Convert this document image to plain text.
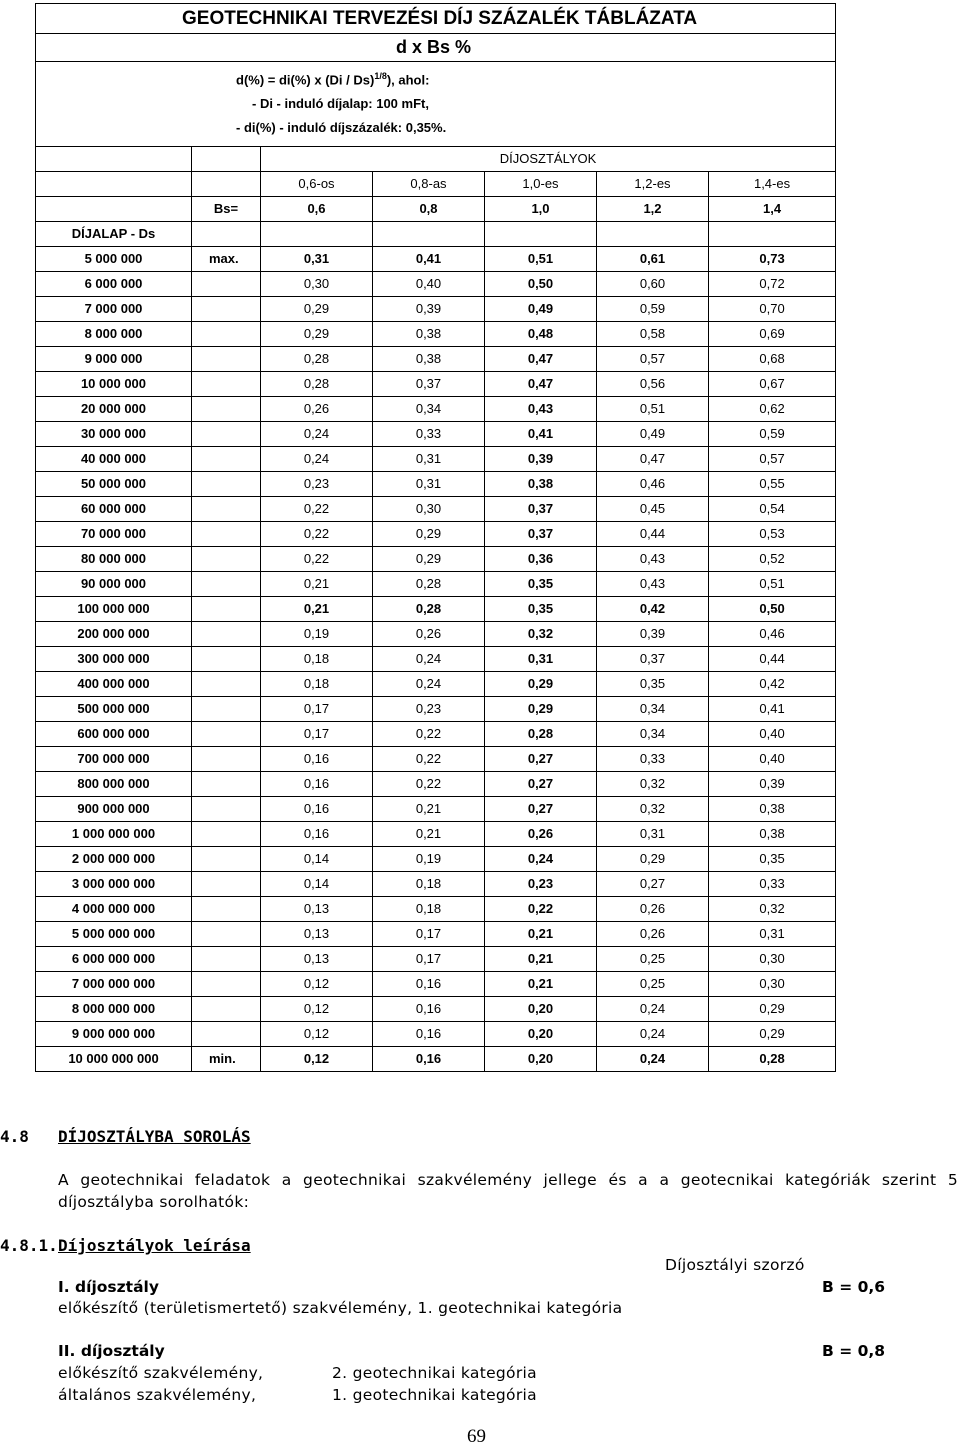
GEOTECHNIKAI TERVEZÉSI DÍJ SZÁZALÉK TÁBLÁZATA						
d x Bs %						

d(%) = di(%) x (Di / Ds)$^{1/8}$), ahol:
- Di - induló díjalap: 100 mFt,
- di(%) - induló díjszázalék: 0,35%.						

		DÍJOSZTÁLYOK				
		0,6-os	0,8-as	1,0-es	1,2-es	1,4-es
	Bs=	0,6	0,8	1,0	1,2	1,4
DÍJALAP - Ds						
5 000 000	max.	0,31	0,41	0,51	0,61	0,73
6 000 000		0,30	0,40	0,50	0,60	0,72
7 000 000		0,29	0,39	0,49	0,59	0,70
8 000 000		0,29	0,38	0,48	0,58	0,69
9 000 000		0,28	0,38	0,47	0,57	0,68
10 000 000		0,28	0,37	0,47	0,56	0,67
20 000 000		0,26	0,34	0,43	0,51	0,62
30 000 000		0,24	0,33	0,41	0,49	0,59
40 000 000		0,24	0,31	0,39	0,47	0,57
50 000 000		0,23	0,31	0,38	0,46	0,55
60 000 000		0,22	0,30	0,37	0,45	0,54
70 000 000		0,22	0,29	0,37	0,44	0,53
80 000 000		0,22	0,29	0,36	0,43	0,52
90 000 000		0,21	0,28	0,35	0,43	0,51
100 000 000		0,21	0,28	0,35	0,42	0,50
200 000 000		0,19	0,26	0,32	0,39	0,46
300 000 000		0,18	0,24	0,31	0,37	0,44
400 000 000		0,18	0,24	0,29	0,35	0,42
500 000 000		0,17	0,23	0,29	0,34	0,41
600 000 000		0,17	0,22	0,28	0,34	0,40
700 000 000		0,16	0,22	0,27	0,33	0,40
800 000 000		0,16	0,22	0,27	0,32	0,39
900 000 000		0,16	0,21	0,27	0,32	0,38
1 000 000 000		0,16	0,21	0,26	0,31	0,38
2 000 000 000		0,14	0,19	0,24	0,29	0,35
3 000 000 000		0,14	0,18	0,23	0,27	0,33
4 000 000 000		0,13	0,18	0,22	0,26	0,32
5 000 000 000		0,13	0,17	0,21	0,26	0,31
6 000 000 000		0,13	0,17	0,21	0,25	0,30
7 000 000 000		0,12	0,16	0,21	0,25	0,30
8 000 000 000		0,12	0,16	0,20	0,24	0,29
9 000 000 000		0,12	0,16	0,20	0,24	0,29
10 000 000 000	min.	0,12	0,16	0,20	0,24	0,28
4.8 DÍJOSZTÁLYBA SOROLÁS
A geotechnikai feladatok a geotechnikai szakvélemény jellege és a a geotecnikai kategóriák szerint 5 díjosztályba sorolhatók:
4.8.1. Díjosztályok leírása
Díjosztályi szorzó
I. díjosztály	B = 0,6
előkészítő (területismertető) szakvélemény, 1. geotechnikai kategória
II. díjosztály	B = 0,8
előkészítő szakvélemény,	2. geotechnikai kategória
általános szakvélemény,	1. geotechnikai kategória
69
